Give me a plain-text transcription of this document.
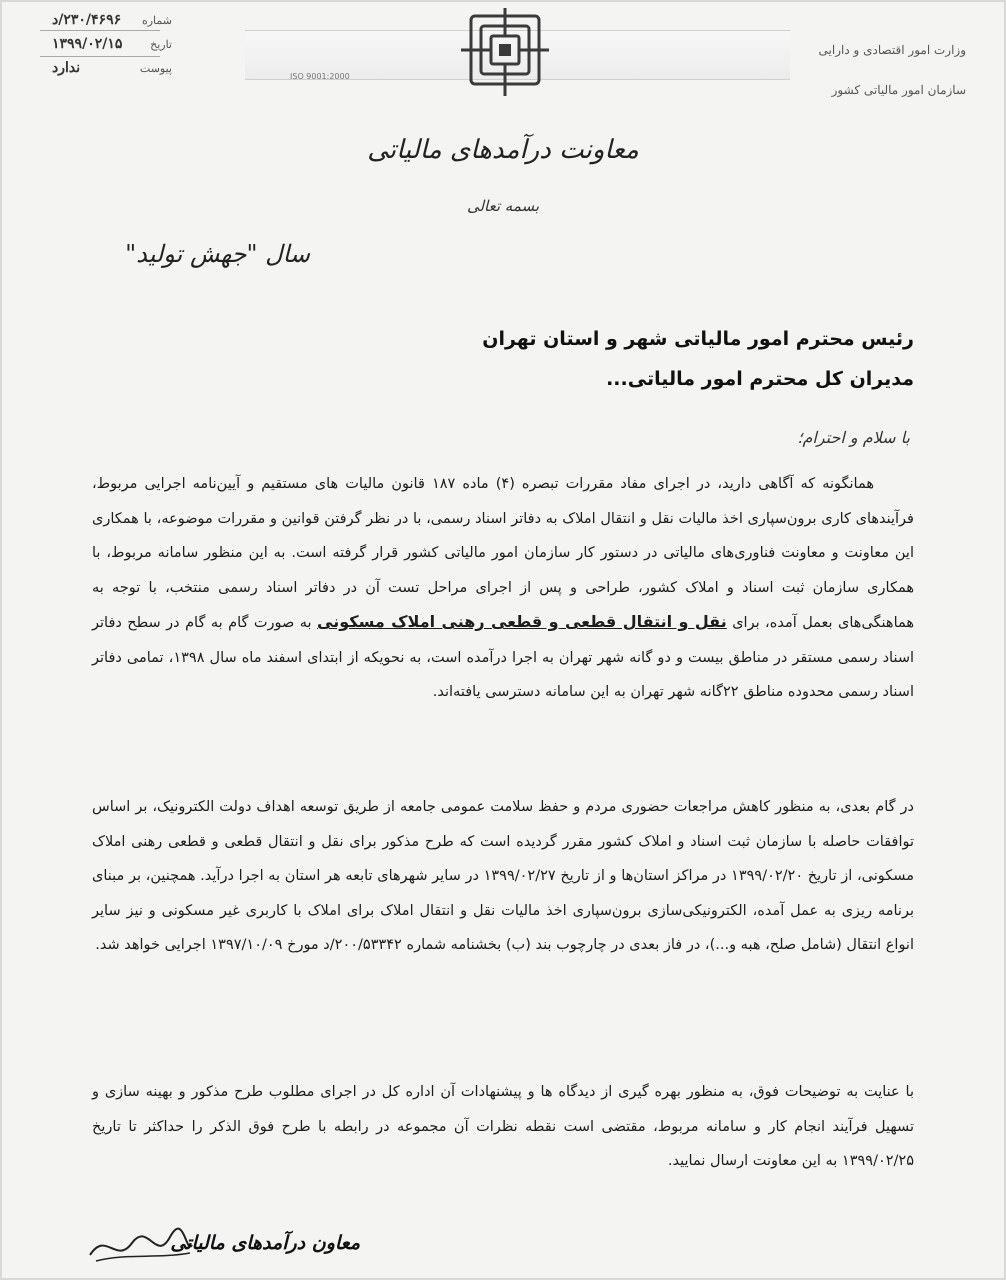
شماره
۲۳۰/۴۶۹۶/د
تاریخ
۱۳۹۹/۰۲/۱۵
پیوست
ندارد
ISO 9001:2000
وزارت امور اقتصادی و دارایی
سازمان امور مالیاتی کشور
معاونت درآمدهای مالیاتی
بسمه تعالی
سال "جهش تولید"
رئیس محترم امور مالیاتی شهر و استان تهران
مدیران کل محترم امور مالیاتی...
با سلام و احترام؛
همانگونه که آگاهی دارید، در اجرای مفاد مقررات تبصره (۴) ماده ۱۸۷ قانون مالیات های مستقیم و آیین‌نامه اجرایی مربوط، فرآیندهای کاری برون‌سپاری اخذ مالیات نقل و انتقال املاک به دفاتر اسناد رسمی، با در نظر گرفتن قوانین و مقررات موضوعه، با همکاری این معاونت و معاونت فناوری‌های مالیاتی در دستور کار سازمان امور مالیاتی کشور قرار گرفته است. به این منظور سامانه مربوط، با همکاری سازمان ثبت اسناد و املاک کشور، طراحی و پس از اجرای مراحل تست آن در دفاتر اسناد رسمی منتخب، با توجه به هماهنگی‌های بعمل آمده، برای نقل و انتقال قطعی و قطعی رهنی املاک مسکونی به صورت گام به گام در سطح دفاتر اسناد رسمی مستقر در مناطق بیست و دو گانه شهر تهران به اجرا درآمده است، به نحویکه از ابتدای اسفند ماه سال ۱۳۹۸، تمامی دفاتر اسناد رسمی محدوده مناطق ۲۲گانه شهر تهران به این سامانه دسترسی یافته‌اند.
در گام بعدی، به منظور کاهش مراجعات حضوری مردم و حفظ سلامت عمومی جامعه از طریق توسعه اهداف دولت الکترونیک، بر اساس توافقات حاصله با سازمان ثبت اسناد و املاک کشور مقرر گردیده است که طرح مذکور برای نقل و انتقال قطعی و قطعی رهنی املاک مسکونی، از تاریخ ۱۳۹۹/۰۲/۲۰ در مراکز استان‌ها و از تاریخ ۱۳۹۹/۰۲/۲۷ در سایر شهرهای تابعه هر استان به اجرا درآید. همچنین، بر مبنای برنامه ریزی به عمل آمده، الکترونیکی‌سازی برون‌سپاری اخذ مالیات نقل و انتقال املاک برای املاک با کاربری غیر مسکونی و نیز سایر انواع انتقال (شامل صلح، هبه و...)، در فاز بعدی در چارچوب بند (ب) بخشنامه شماره ۲۰۰/۵۳۳۴۲/د مورخ ۱۳۹۷/۱۰/۰۹ اجرایی خواهد شد.
با عنایت به توضیحات فوق، به منظور بهره گیری از دیدگاه ها و پیشنهادات آن اداره کل در اجرای مطلوب طرح مذکور و بهینه سازی و تسهیل فرآیند انجام کار و سامانه مربوط، مقتضی است نقطه نظرات آن مجموعه در رابطه با طرح فوق الذکر را حداکثر تا تاریخ ۱۳۹۹/۰۲/۲۵ به این معاونت ارسال نمایید.
معاون درآمدهای مالیاتی
